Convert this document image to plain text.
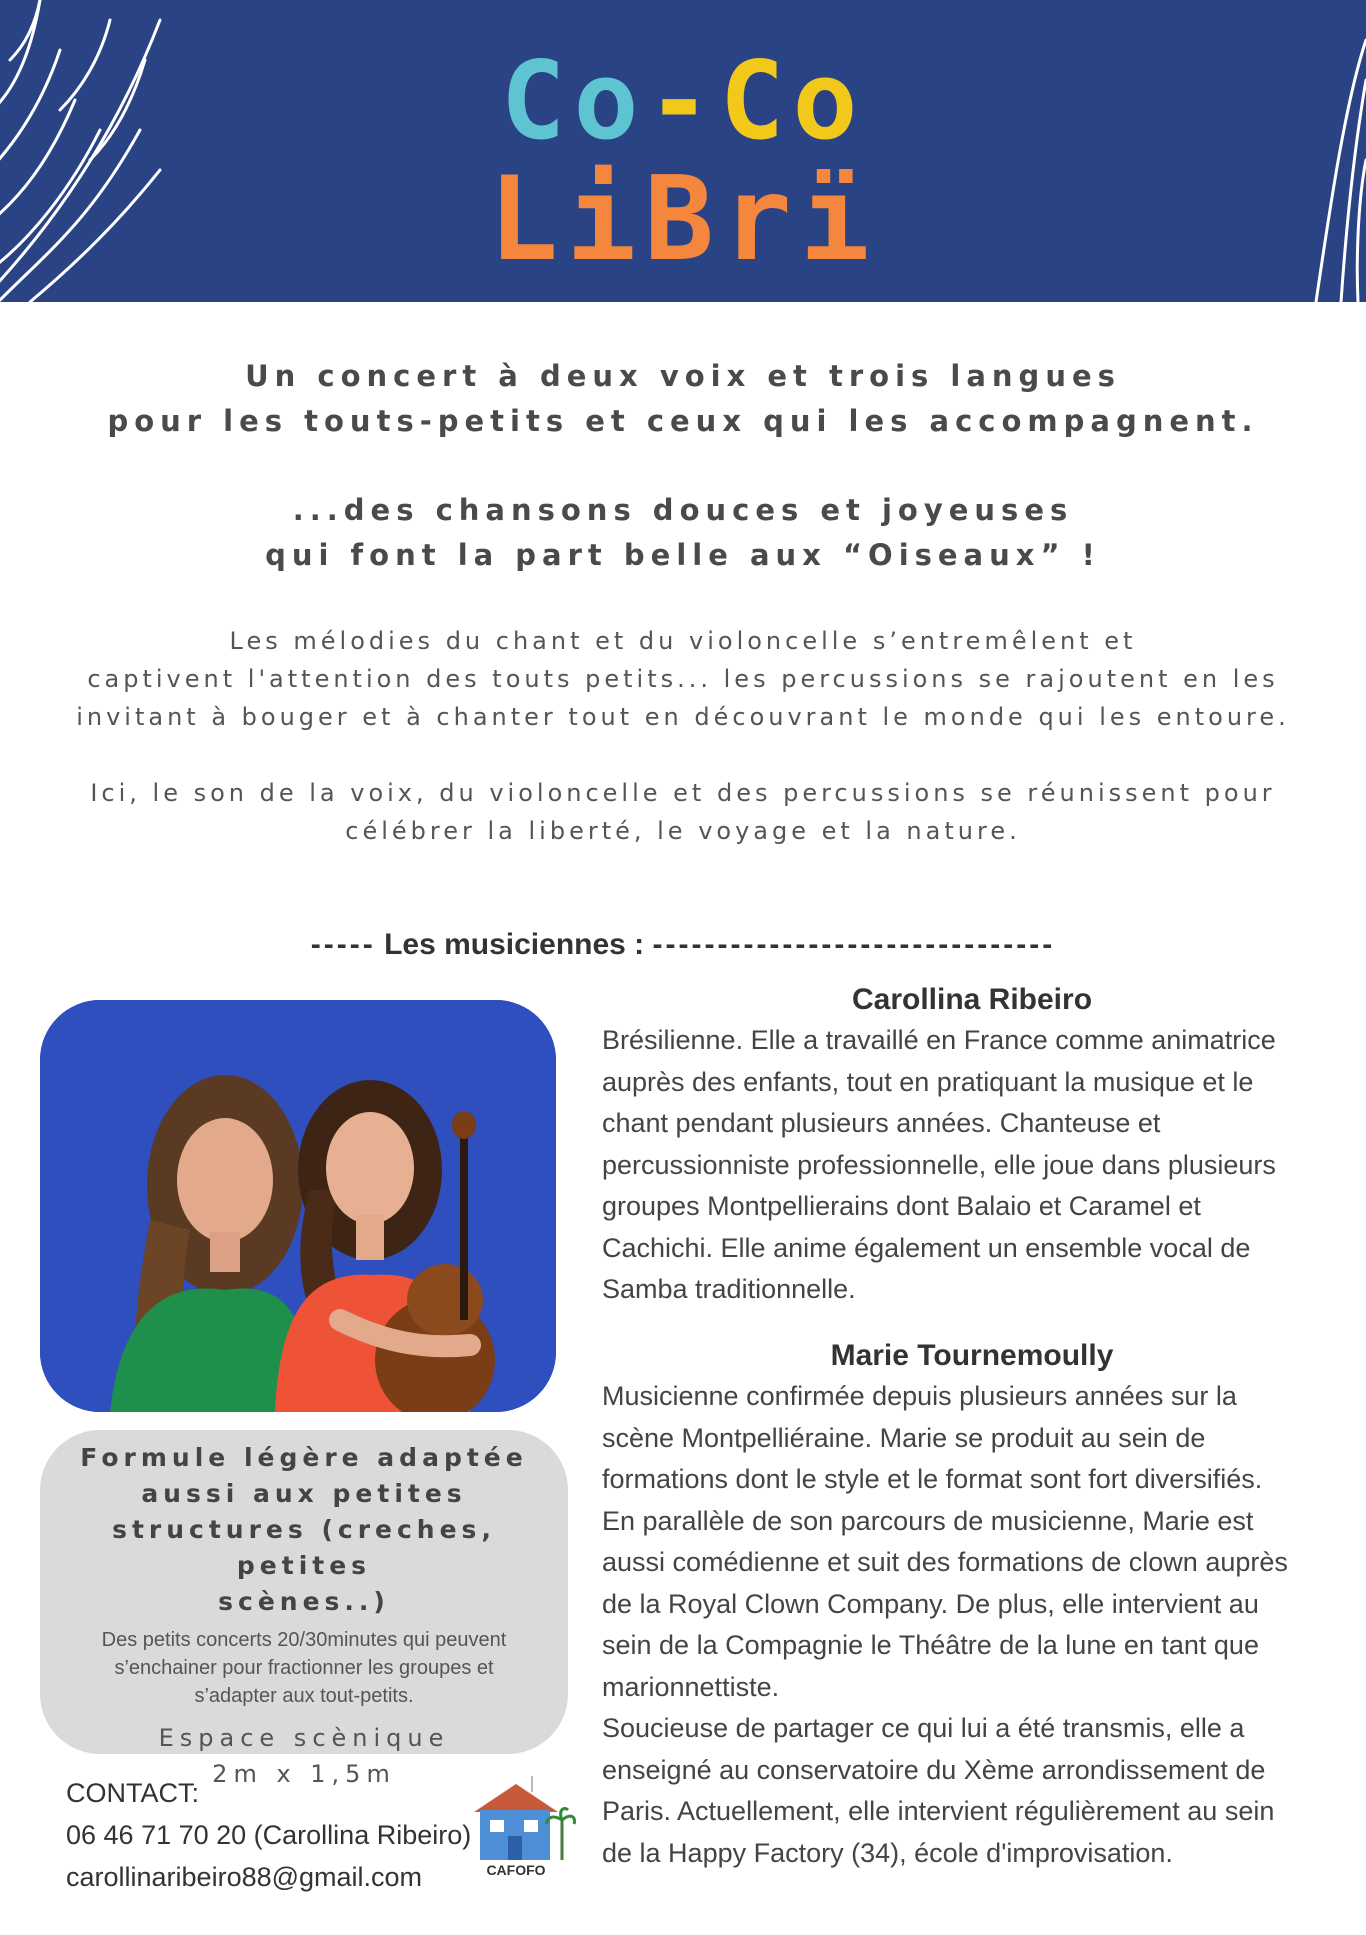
Co-Co
LiBrï
Un concert à deux voix et trois langues
pour les touts-petits et ceux qui les accompagnent.
...des chansons douces et joyeuses
qui font la part belle aux “Oiseaux” !
Les mélodies du chant et du violoncelle s’entremêlent et
captivent l'attention des touts petits... les percussions se rajoutent en les
invitant à bouger et à chanter tout en découvrant le monde qui les entoure.
Ici, le son de la voix, du violoncelle et des percussions se réunissent pour
célébrer la liberté, le voyage et la nature.
----- Les musiciennes : -------------------------------
Formule légère adaptée
aussi aux petites
structures (creches, petites
scènes..)
Des petits concerts 20/30minutes qui peuvent
s’enchainer pour fractionner les groupes et
s’adapter aux tout-petits.
Espace scènique
2m x 1,5m
CONTACT:
06 46 71 70 20 (Carollina Ribeiro)
carollinaribeiro88@gmail.com	CAFOFO
Carollina Ribeiro
Brésilienne. Elle a travaillé en France comme animatrice
auprès des enfants, tout en pratiquant la musique et le
chant pendant plusieurs années. Chanteuse et
percussionniste professionnelle, elle joue dans plusieurs
groupes Montpellierains dont Balaio et Caramel et
Cachichi. Elle anime également un ensemble vocal de
Samba traditionnelle.
Marie Tournemoully
Musicienne confirmée depuis plusieurs années sur la
scène Montpelliéraine. Marie se produit au sein de
formations dont le style et le format sont fort diversifiés.
En parallèle de son parcours de musicienne, Marie est
aussi comédienne et suit des formations de clown auprès
de la Royal Clown Company. De plus, elle intervient au
sein de la Compagnie le Théâtre de la lune en tant que
marionnettiste.
Soucieuse de partager ce qui lui a été transmis, elle a
enseigné au conservatoire du Xème arrondissement de
Paris. Actuellement, elle intervient régulièrement au sein
de la Happy Factory (34), école d'improvisation.
